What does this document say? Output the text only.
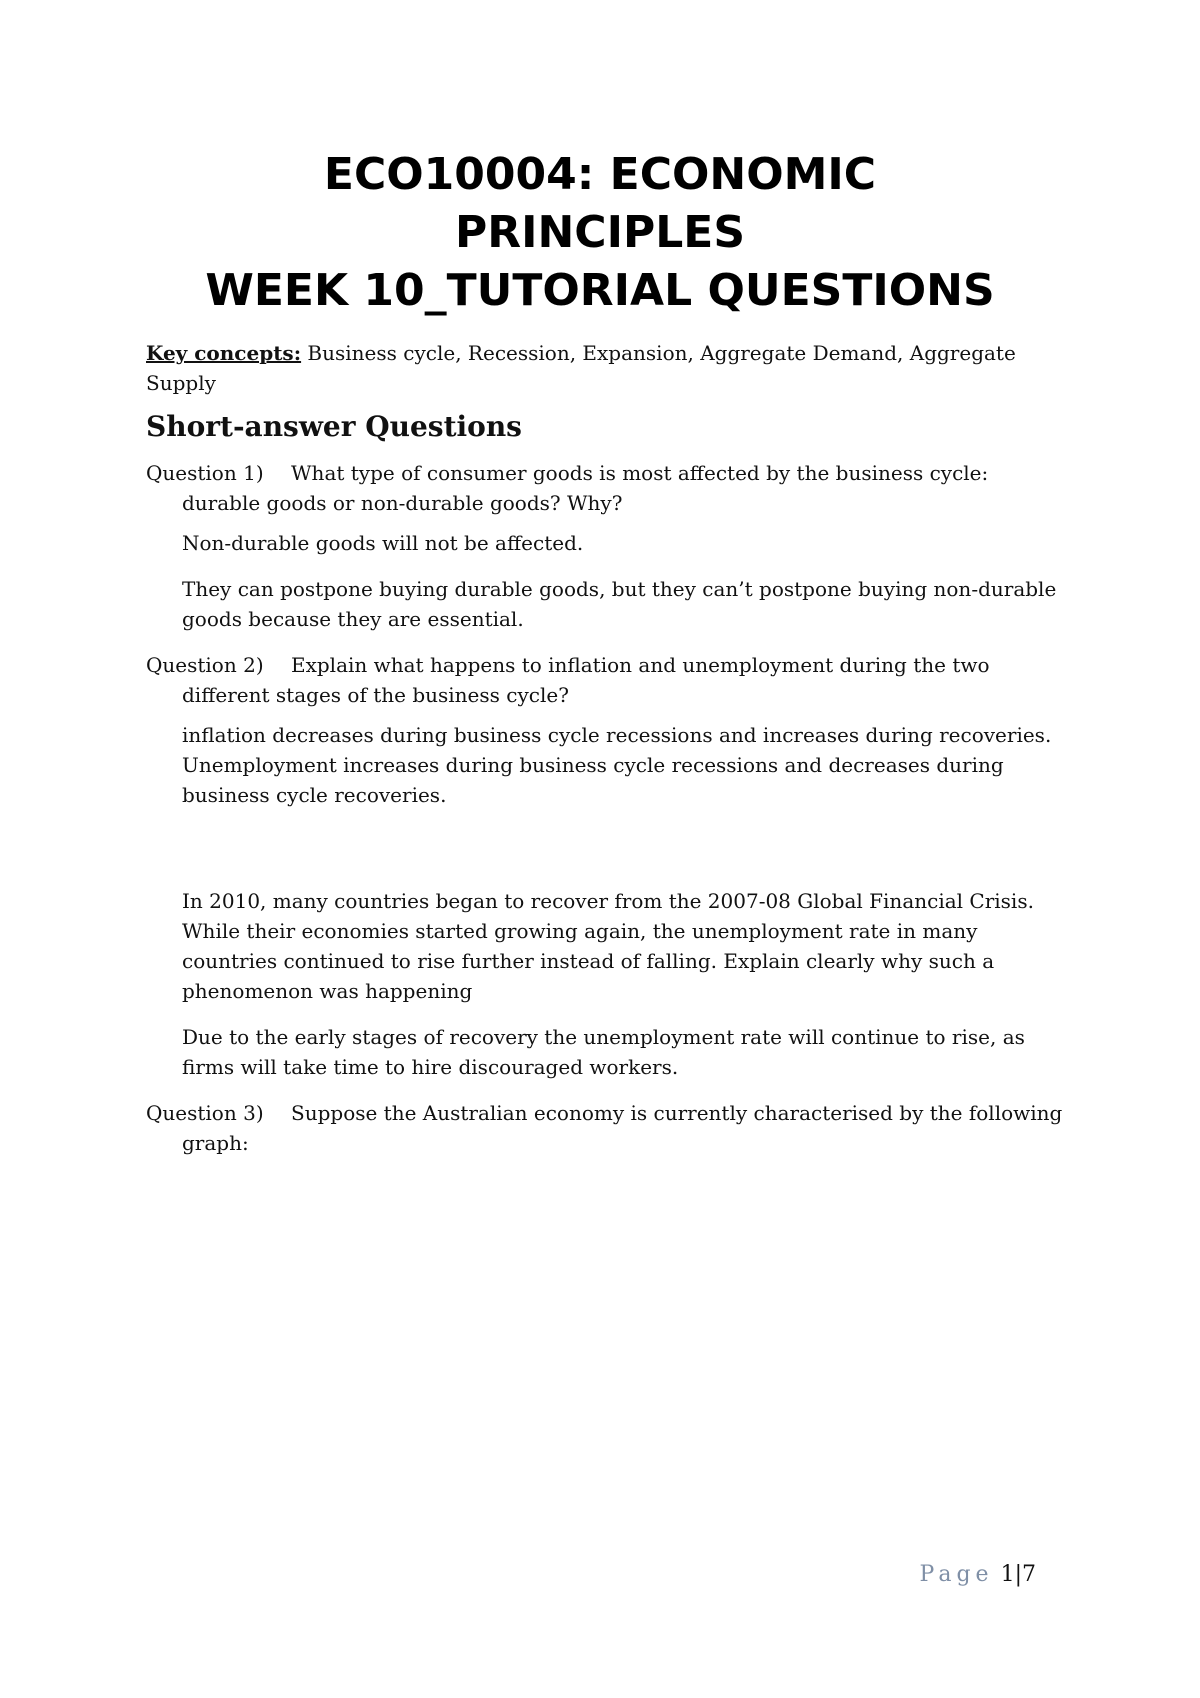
ECO10004: ECONOMIC

PRINCIPLES

WEEK 10_TUTORIAL QUESTIONS

Key concepts: Business cycle, Recession, Expansion, Aggregate Demand, Aggregate Supply

Short-answer Questions

Question 1) What type of consumer goods is most affected by the business cycle: durable goods or non-durable goods? Why?

Non-durable goods will not be affected.

They can postpone buying durable goods, but they can’t postpone buying non-durable goods because they are essential.

Question 2) Explain what happens to inflation and unemployment during the two different stages of the business cycle?

inflation decreases during business cycle recessions and increases during recoveries. Unemployment increases during business cycle recessions and decreases during business cycle recoveries.

In 2010, many countries began to recover from the 2007-08 Global Financial Crisis. While their economies started growing again, the unemployment rate in many countries continued to rise further instead of falling. Explain clearly why such a phenomenon was happening

Due to the early stages of recovery the unemployment rate will continue to rise, as firms will take time to hire discouraged workers.

Question 3) Suppose the Australian economy is currently characterised by the following graph:

Page 1|7
